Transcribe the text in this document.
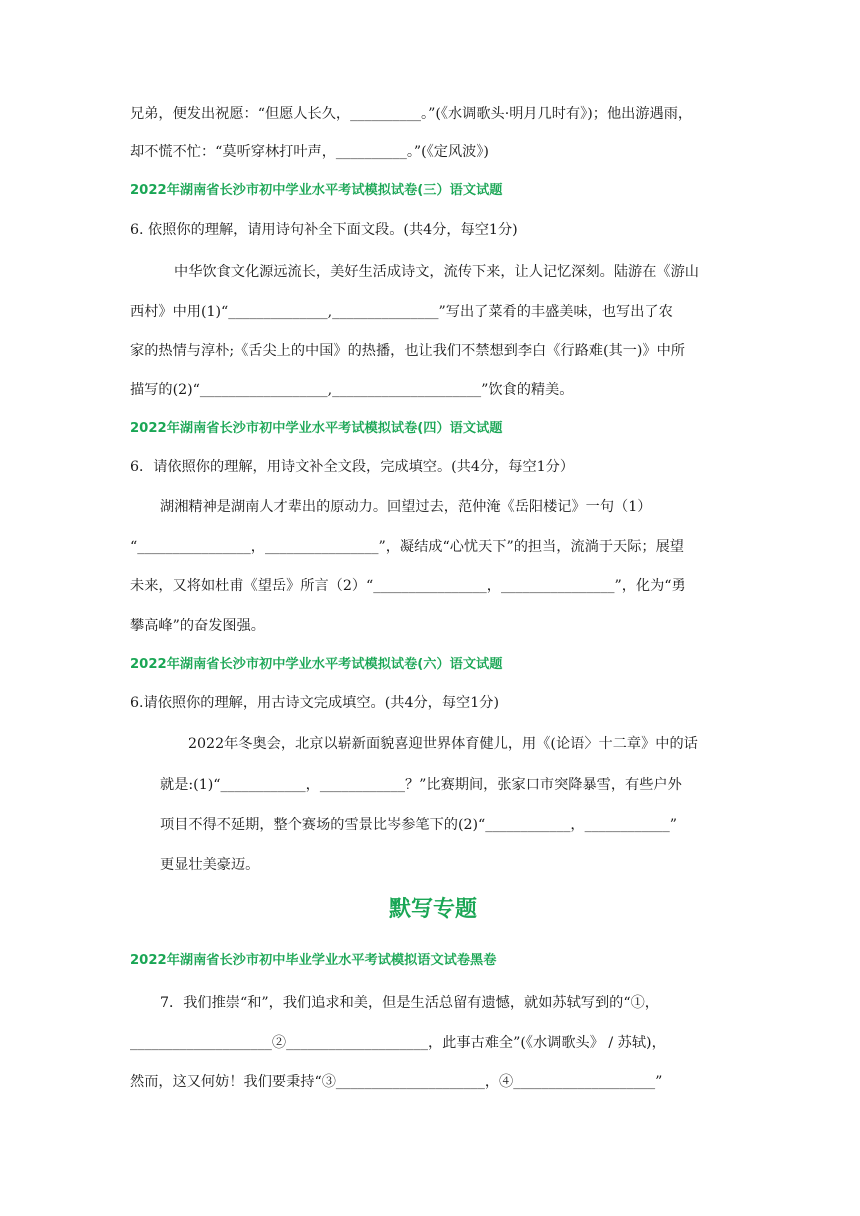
兄弟，便发出祝愿：“但愿人长久，__________。”(《水调歌头·明月几时有》)；他出游遇雨，
却不慌不忙：“莫听穿林打叶声，__________。”(《定风波》)
2022年湖南省长沙市初中学业水平考试模拟试卷(三）语文试题
6. 依照你的理解，请用诗句补全下面文段。(共4分，每空1分)
中华饮食文化源远流长，美好生活成诗文，流传下来，让人记忆深刻。陆游在《游山
西村》中用(1)“______________,_______________”写出了菜肴的丰盛美味，也写出了农
家的热情与淳朴;《舌尖上的中国》的热播，也让我们不禁想到李白《行路难(其一)》中所
描写的(2)“__________________,_____________________”饮食的精美。
2022年湖南省长沙市初中学业水平考试模拟试卷(四）语文试题
6．请依照你的理解，用诗文补全文段，完成填空。(共4分，每空1分）
湖湘精神是湖南人才辈出的原动力。回望过去，范仲淹《岳阳楼记》一句（1）
“________________，________________”，凝结成“心忧天下”的担当，流淌于天际；展望
未来，又将如杜甫《望岳》所言（2）“________________，________________”，化为“勇
攀高峰”的奋发图强。
2022年湖南省长沙市初中学业水平考试模拟试卷(六）语文试题
6.请依照你的理解，用古诗文完成填空。(共4分，每空1分)
2022年冬奥会，北京以崭新面貌喜迎世界体育健儿，用《(论语〉十二章》中的话
就是:(1)“____________，____________？”比赛期间，张家口市突降暴雪，有些户外
项目不得不延期，整个赛场的雪景比岑参笔下的(2)“____________，____________”
更显壮美豪迈。
默写专题
2022年湖南省长沙市初中毕业学业水平考试模拟语文试卷黑卷
7．我们推崇“和”，我们追求和美，但是生活总留有遗憾，就如苏轼写到的“①，
____________________②____________________，此事古难全”(《水调歌头》 / 苏轼)，
然而，这又何妨！我们要秉持“③_____________________，④____________________”
